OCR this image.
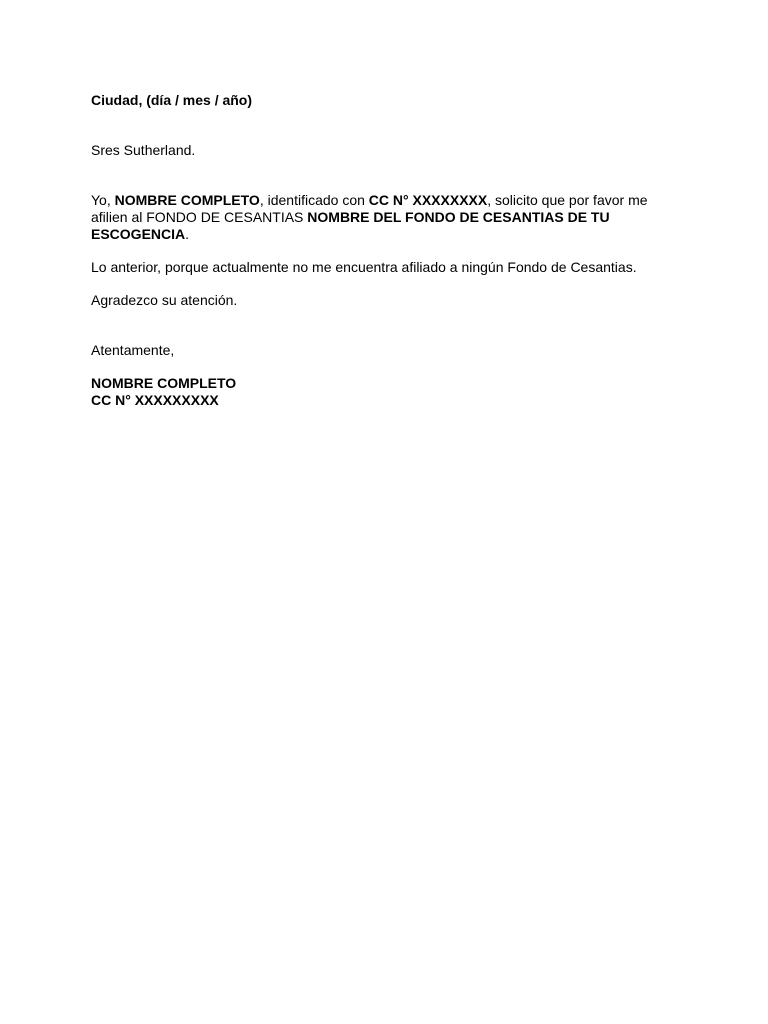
Ciudad, (día / mes / año)

Sres Sutherland.

Yo, NOMBRE COMPLETO, identificado con CC N° XXXXXXXX, solicito que por favor me afilien al FONDO DE CESANTIAS NOMBRE DEL FONDO DE CESANTIAS DE TU ESCOGENCIA.

Lo anterior, porque actualmente no me encuentra afiliado a ningún Fondo de Cesantias.

Agradezco su atención.

Atentamente,

NOMBRE COMPLETO

CC N° XXXXXXXXX
